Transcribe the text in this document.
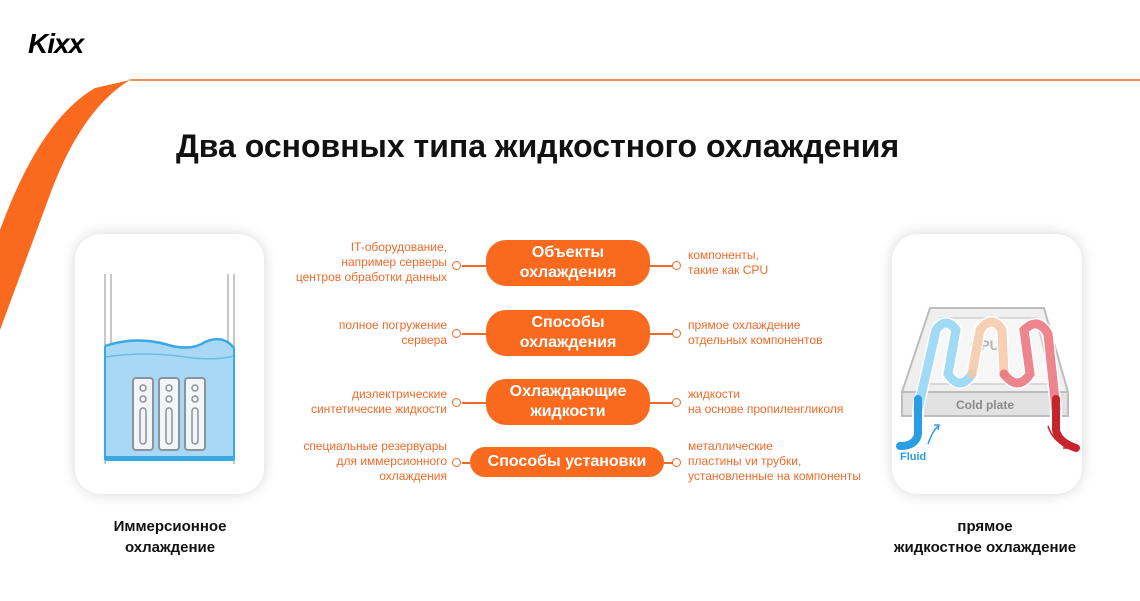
Kixx
Два основных типа жидкостного охлаждения
Иммерсионное
охлаждение
Cold plate
CPU
Fluid
прямое
жидкостное охлаждение
IT-оборудование,
например серверы
центров обработки данных
Объекты
охлаждения
компоненты,
такие как CPU
полное погружение
сервера
Способы
охлаждения
прямое охлаждение
отдельных компонентов
диэлектрические
синтетические жидкости
Охлаждающие
жидкости
жидкости
на основе пропиленгликоля
специальные резервуары
для иммерсионного
охлаждения
Способы установки
металлические
пластины vи трубки,
установленные на компоненты
